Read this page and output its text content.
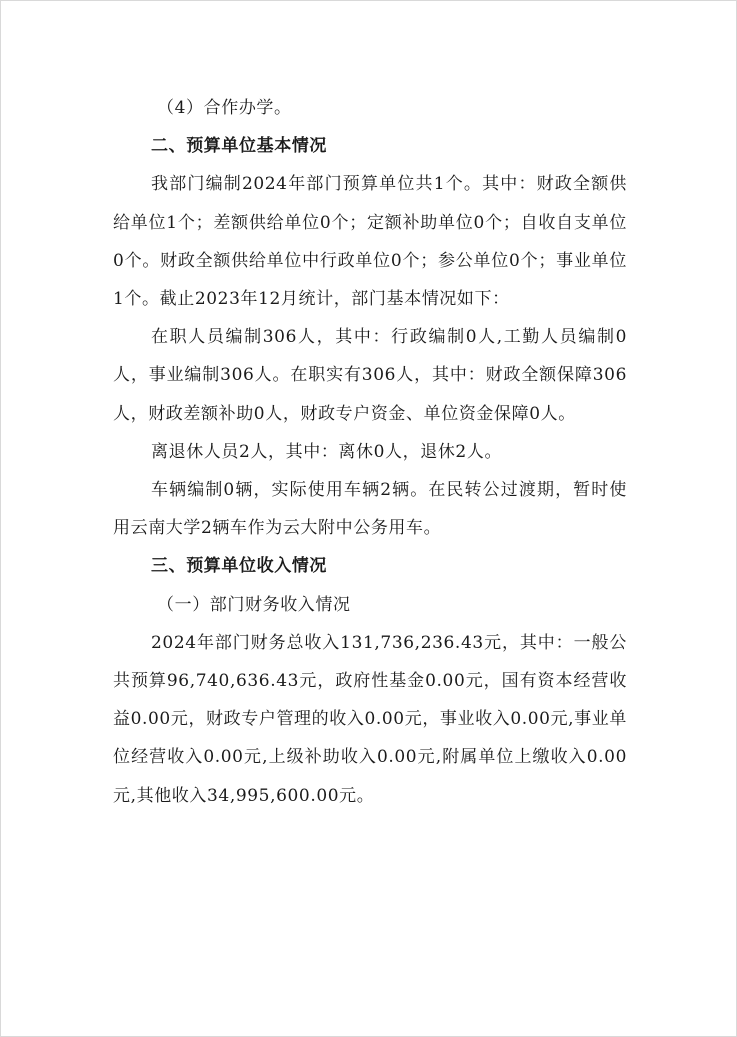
（4）合作办学。

二、预算单位基本情况

我部门编制2024年部门预算单位共1个。其中：财政全额供给单位1个；差额供给单位0个；定额补助单位0个；自收自支单位0个。财政全额供给单位中行政单位0个；参公单位0个；事业单位1个。截止2023年12月统计，部门基本情况如下：

在职人员编制306人，其中：行政编制0人,工勤人员编制0人，事业编制306人。在职实有306人，其中：财政全额保障306人，财政差额补助0人，财政专户资金、单位资金保障0人。

离退休人员2人，其中：离休0人，退休2人。

车辆编制0辆，实际使用车辆2辆。在民转公过渡期，暂时使用云南大学2辆车作为云大附中公务用车。

三、预算单位收入情况

（一）部门财务收入情况

2024年部门财务总收入131,736,236.43元，其中：一般公共预算96,740,636.43元，政府性基金0.00元，国有资本经营收益0.00元，财政专户管理的收入0.00元，事业收入0.00元,事业单位经营收入0.00元,上级补助收入0.00元,附属单位上缴收入0.00元,其他收入34,995,600.00元。
